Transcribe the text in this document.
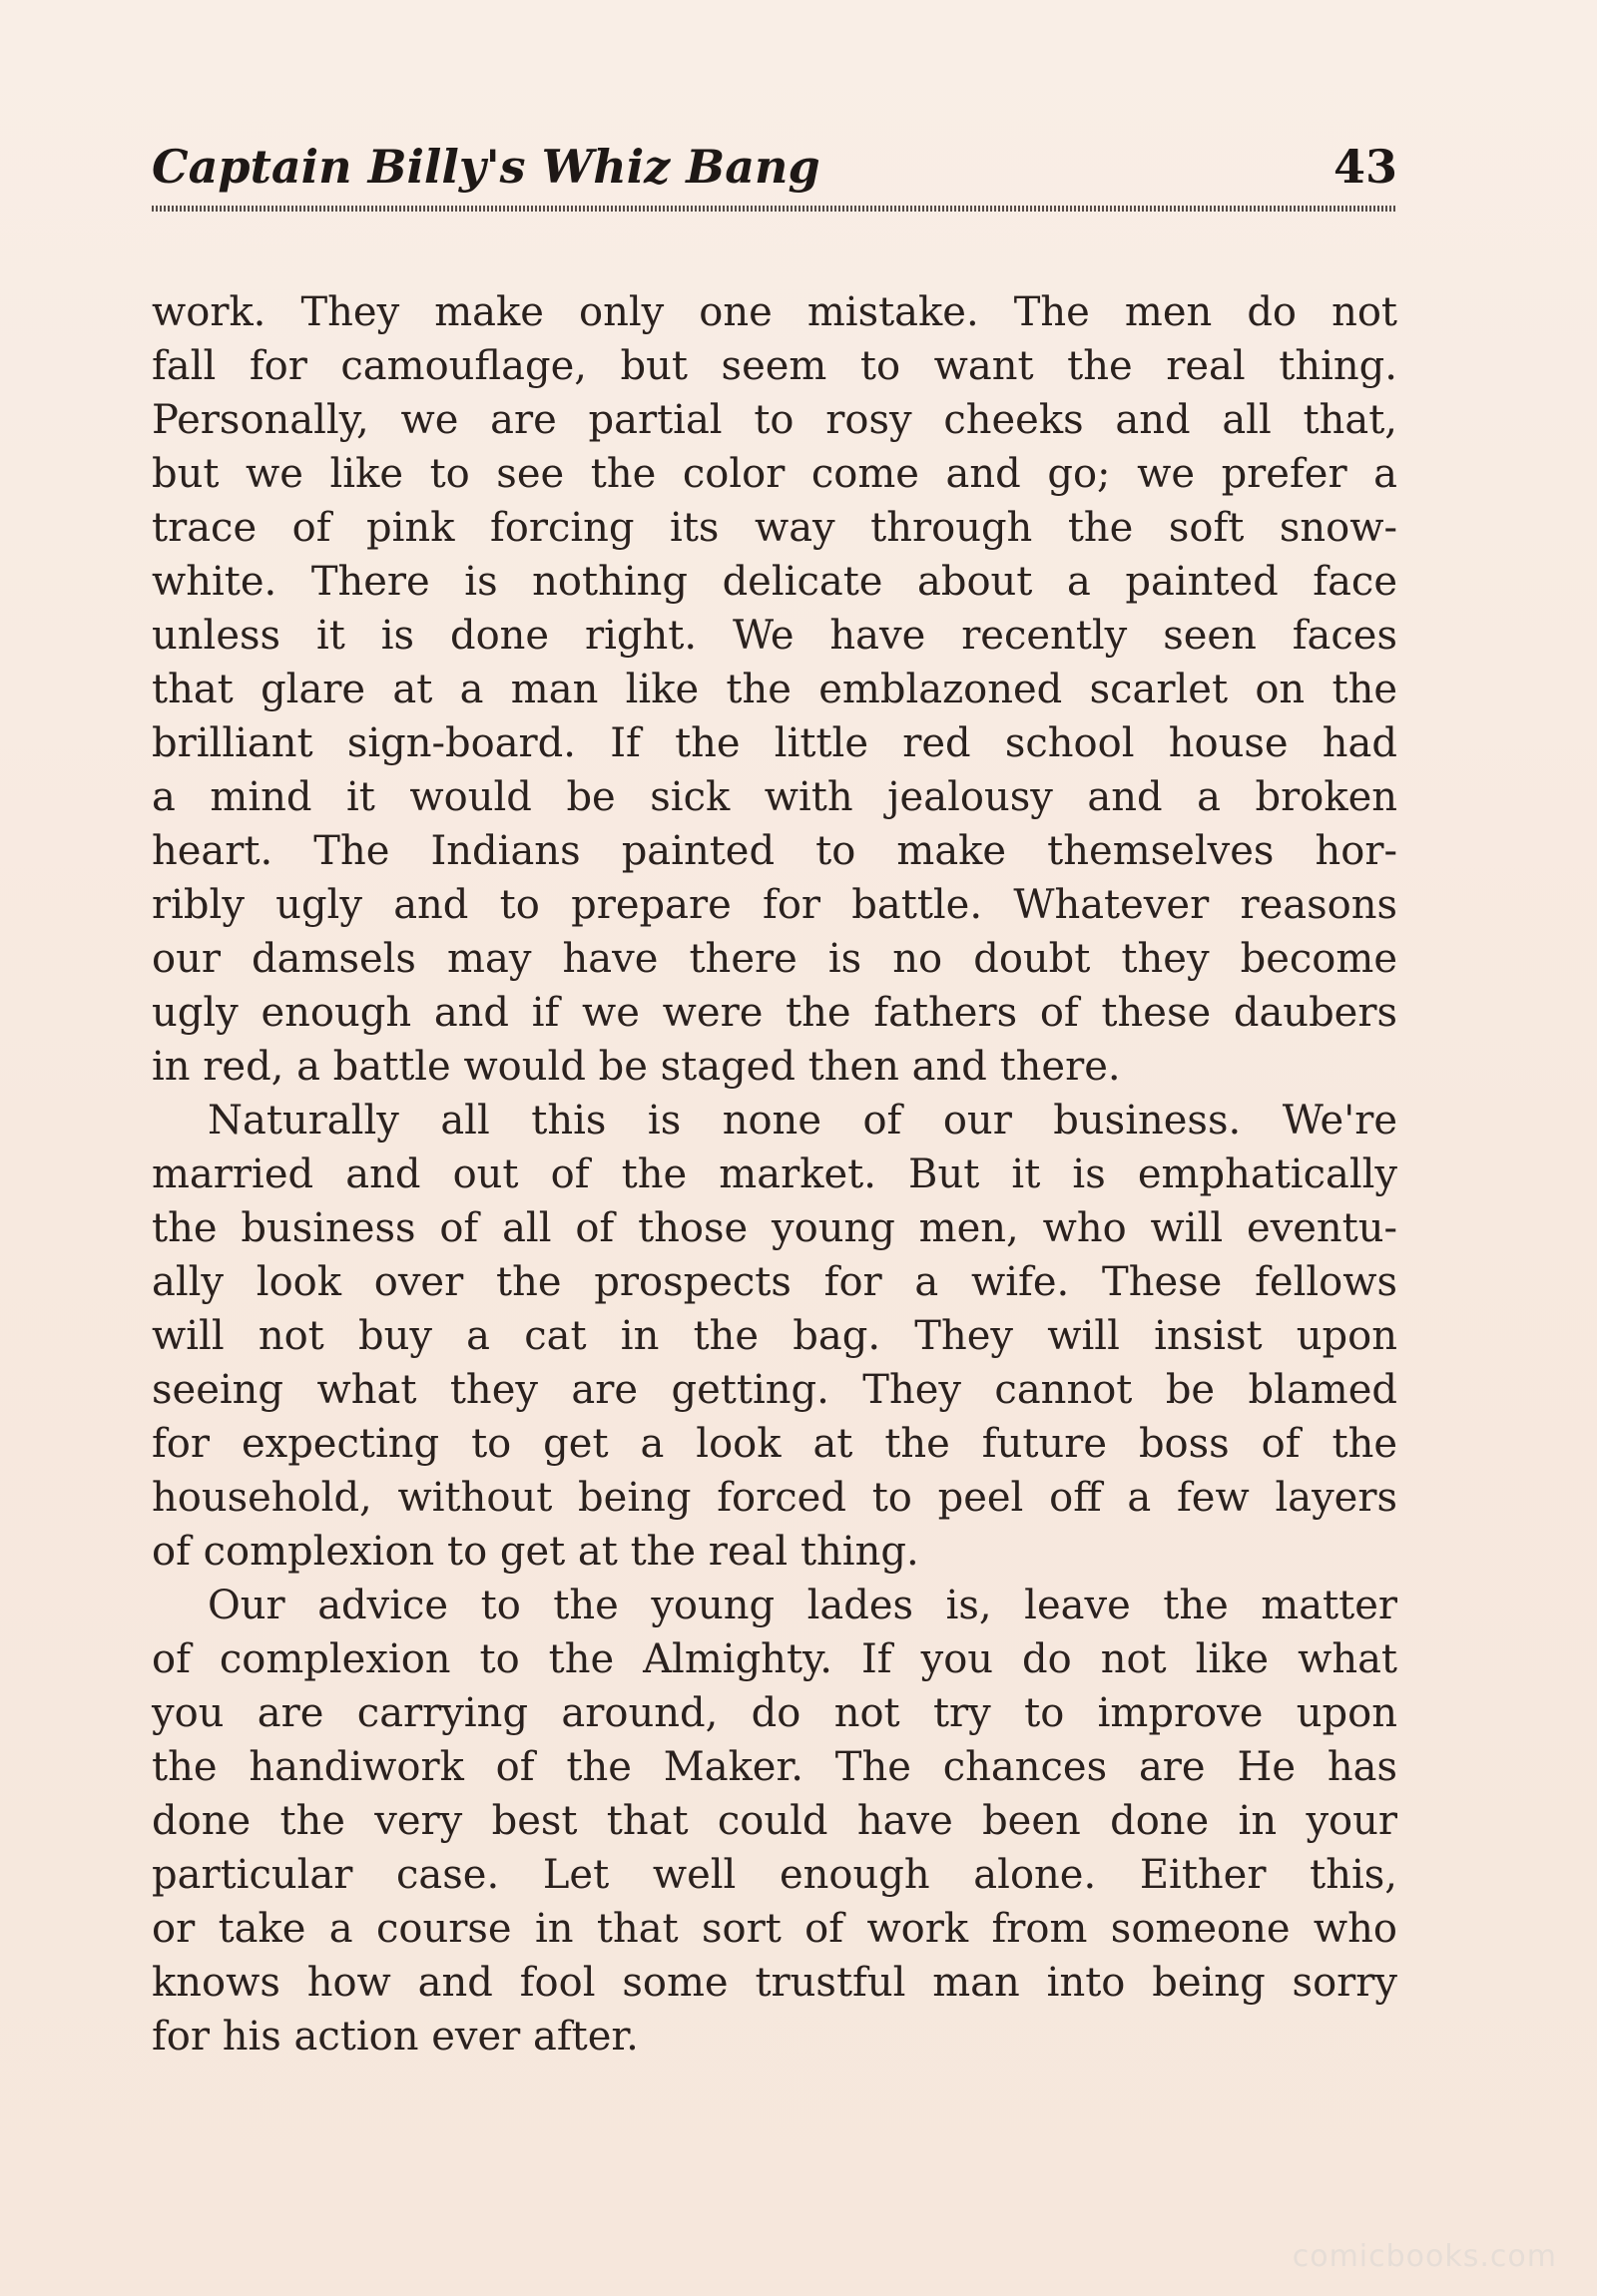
Captain Billy's Whiz Bang	43
work. They make only one mistake. The men do not
fall for camouflage, but seem to want the real thing.
Personally, we are partial to rosy cheeks and all that,
but we like to see the color come and go; we prefer a
trace of pink forcing its way through the soft snow-
white. There is nothing delicate about a painted face
unless it is done right. We have recently seen faces
that glare at a man like the emblazoned scarlet on the
brilliant sign-board. If the little red school house had
a mind it would be sick with jealousy and a broken
heart. The Indians painted to make themselves hor-
ribly ugly and to prepare for battle. Whatever reasons
our damsels may have there is no doubt they become
ugly enough and if we were the fathers of these daubers
in red, a battle would be staged then and there.
Naturally all this is none of our business. We're
married and out of the market. But it is emphatically
the business of all of those young men, who will eventu-
ally look over the prospects for a wife. These fellows
will not buy a cat in the bag. They will insist upon
seeing what they are getting. They cannot be blamed
for expecting to get a look at the future boss of the
household, without being forced to peel off a few layers
of complexion to get at the real thing.
Our advice to the young lades is, leave the matter
of complexion to the Almighty. If you do not like what
you are carrying around, do not try to improve upon
the handiwork of the Maker. The chances are He has
done the very best that could have been done in your
particular case. Let well enough alone. Either this,
or take a course in that sort of work from someone who
knows how and fool some trustful man into being sorry
for his action ever after.
comicbooks.com
